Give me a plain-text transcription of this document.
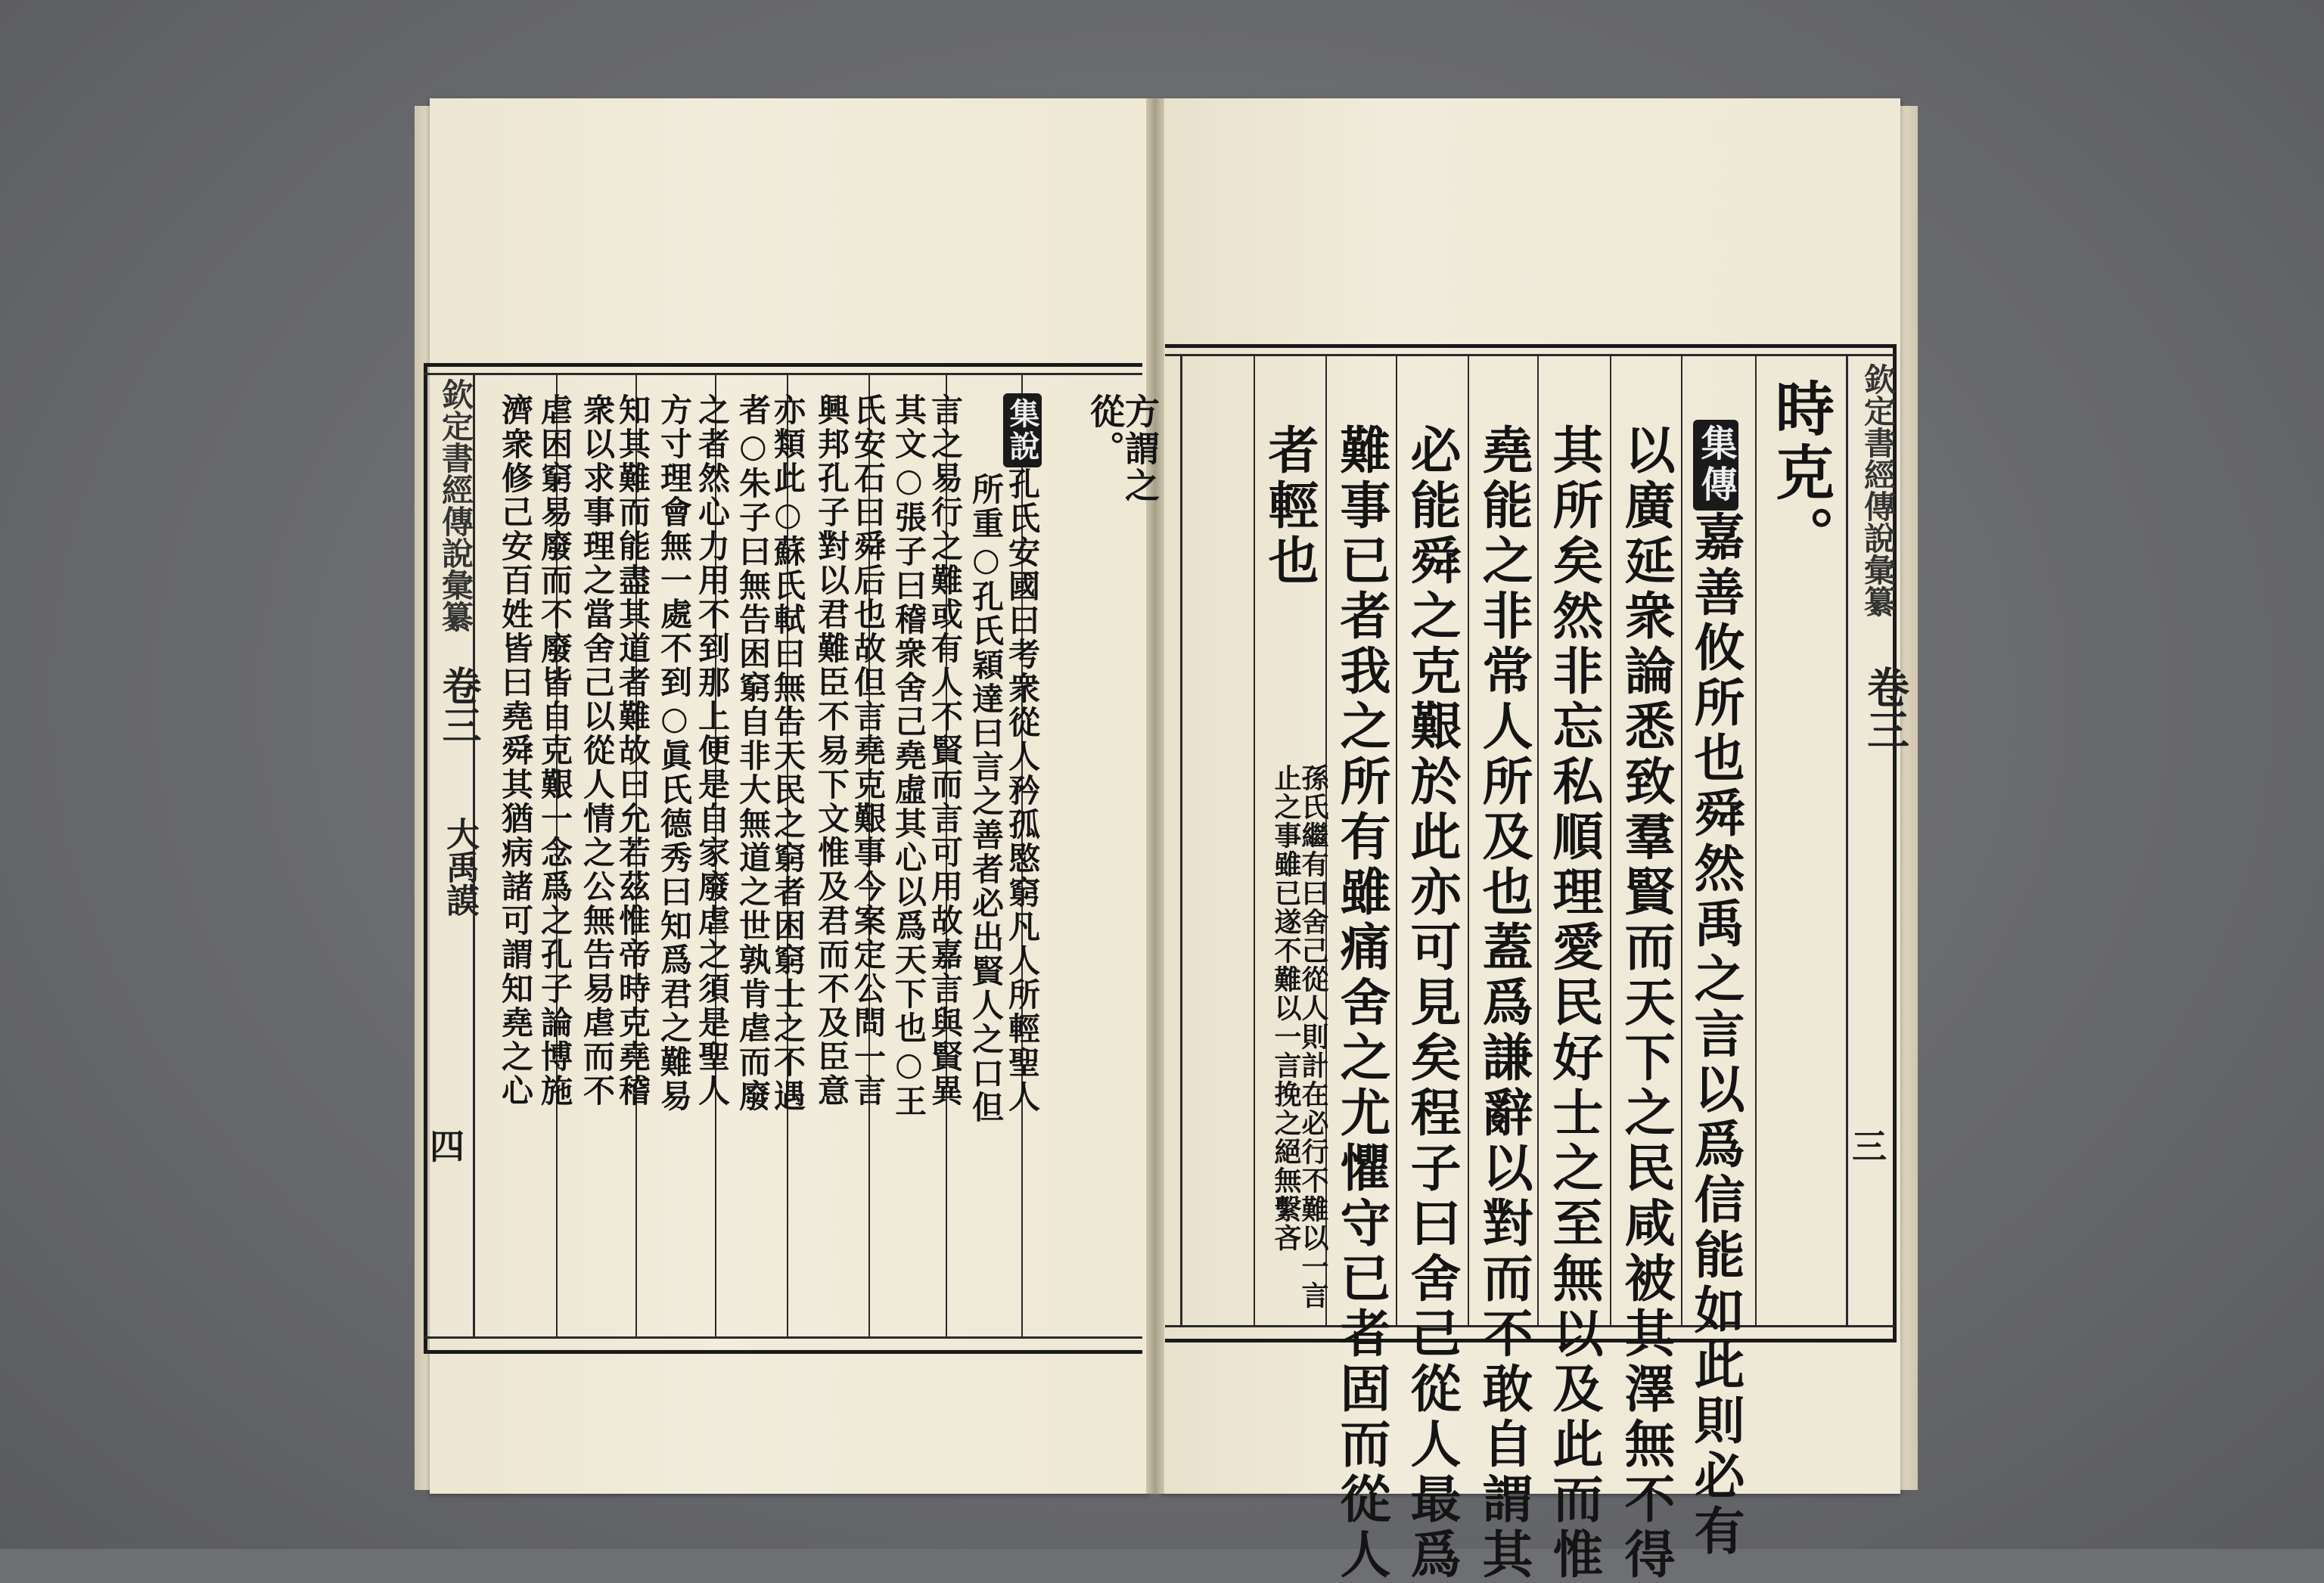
時克。
集傳嘉善攸所也舜然禹之言以爲信能如此則必有
以廣延衆論悉致羣賢而天下之民咸被其澤無不得
其所矣然非忘私順理愛民好士之至無以及此而惟
堯能之非常人所及也蓋爲謙辭以對而不敢自謂其
必能舜之克艱於此亦可見矣程子曰舍己從人最爲
難事已者我之所有雖痛舍之尤懼守已者固而從人
者輕也
孫氏繼有曰舍己從人則計在必行不難以一言止之事雖已遂不難以一言挽之絕無繫吝
欽定書經傳說彙纂
卷三
三
欽定書經傳說彙纂
卷三
大禹謨
四
方謂之從。
集說孔氏安國曰考衆從人矜孤愍窮凡人所輕聖人
所重○孔氏穎達曰言之善者必出賢人之口但
言之易行之難或有人不賢而言可用故嘉言與賢異
其文○張子曰稽衆舍己堯虛其心以爲天下也○王
氏安石曰舜后也故但言堯克艱事今案定公問一言
興邦孔子對以君難臣不易下文惟及君而不及臣意
亦類此○蘇氏軾曰無告天民之窮者困窮士之不遇
者○朱子曰無告困窮自非大無道之世孰肯虐而廢
之者然心力用不到那上便是自家廢虐之須是聖人
方寸理會無一處不到○眞氏德秀曰知爲君之難易
知其難而能盡其道者難故曰允若茲惟帝時克堯稽
衆以求事理之當舍己以從人情之公無告易虐而不
虐困窮易廢而不廢皆自克艱一念爲之孔子論博施
濟衆修己安百姓皆曰堯舜其猶病諸可謂知堯之心
